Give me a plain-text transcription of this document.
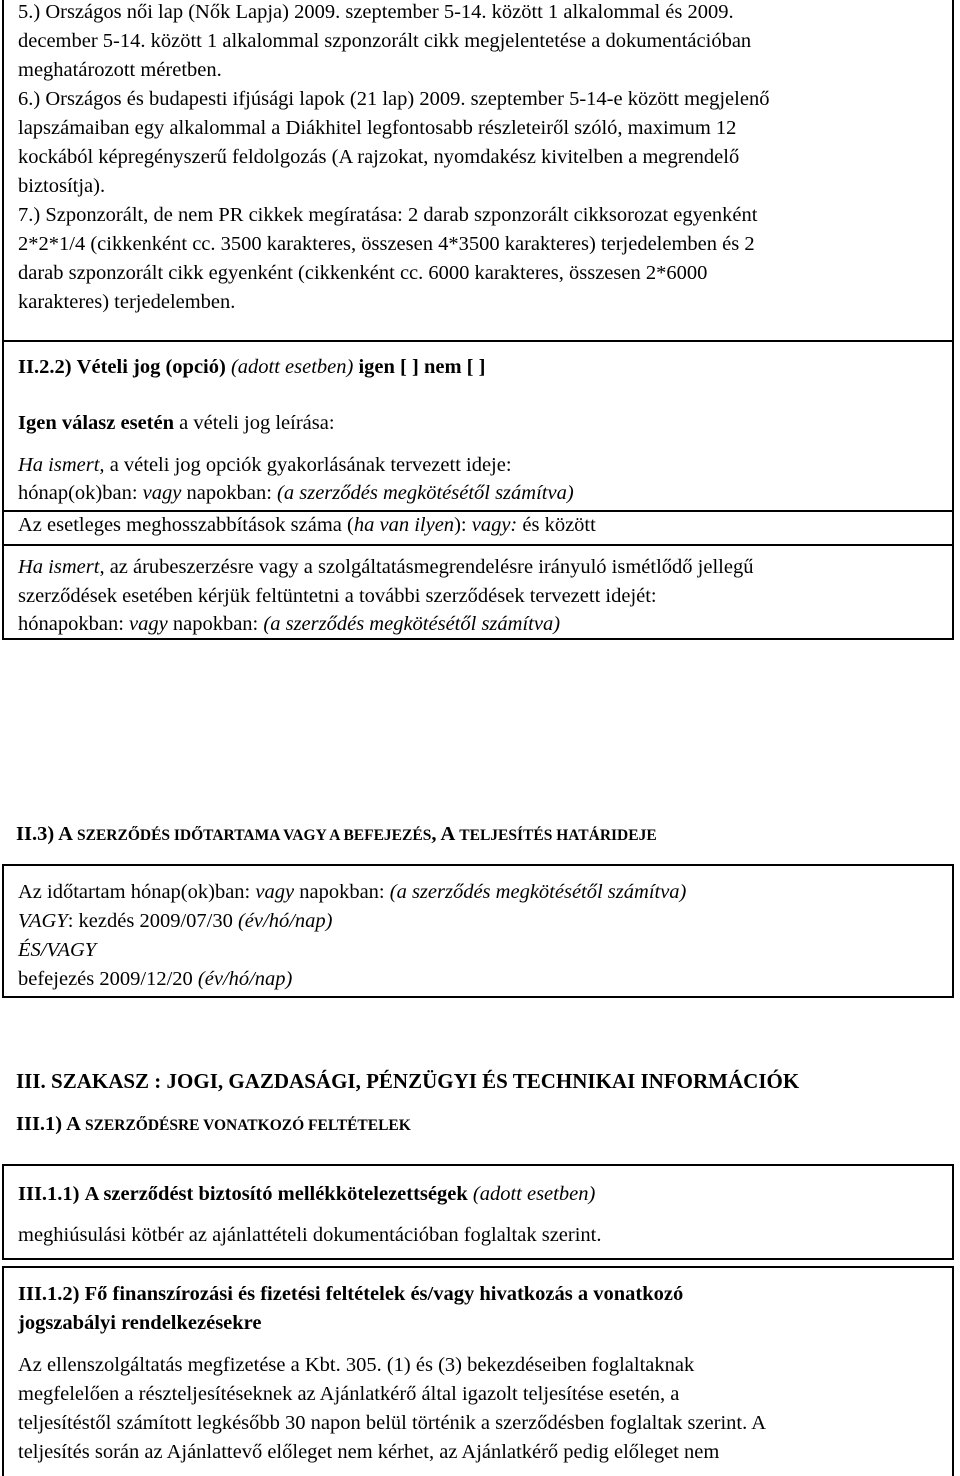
5.) Országos női lap (Nők Lapja) 2009. szeptember 5-14. között 1 alkalommal és 2009.

december 5-14. között 1 alkalommal szponzorált cikk megjelentetése a dokumentációban

meghatározott méretben.

6.) Országos és budapesti ifjúsági lapok (21 lap) 2009. szeptember 5-14-e között megjelenő

lapszámaiban egy alkalommal a Diákhitel legfontosabb részleteiről szóló, maximum 12

kockából képregényszerű feldolgozás (A rajzokat, nyomdakész kivitelben a megrendelő

biztosítja).

7.) Szponzorált, de nem PR cikkek megíratása: 2 darab szponzorált cikksorozat egyenként

2*2*1/4 (cikkenként cc. 3500 karakteres, összesen 4*3500 karakteres) terjedelemben és 2

darab szponzorált cikk egyenként (cikkenként cc. 6000 karakteres, összesen 2*6000

karakteres) terjedelemben.

II.2.2) Vételi jog (opció) (adott esetben) igen [ ] nem [ ]

Igen válasz esetén a vételi jog leírása:

Ha ismert, a vételi jog opciók gyakorlásának tervezett ideje:

hónap(ok)ban: vagy napokban: (a szerződés megkötésétől számítva)

Az esetleges meghosszabbítások száma (ha van ilyen): vagy: és között

Ha ismert, az árubeszerzésre vagy a szolgáltatásmegrendelésre irányuló ismétlődő jellegű

szerződések esetében kérjük feltüntetni a további szerződések tervezett idejét:

hónapokban: vagy napokban: (a szerződés megkötésétől számítva)

II.3) A SZERZŐDÉS IDŐTARTAMA VAGY A BEFEJEZÉS, A TELJESÍTÉS HATÁRIDEJE

Az időtartam hónap(ok)ban: vagy napokban: (a szerződés megkötésétől számítva)

VAGY: kezdés 2009/07/30 (év/hó/nap)

ÉS/VAGY

befejezés 2009/12/20 (év/hó/nap)

III. SZAKASZ : JOGI, GAZDASÁGI, PÉNZÜGYI ÉS TECHNIKAI INFORMÁCIÓK
III.1) A SZERZŐDÉSRE VONATKOZÓ FELTÉTELEK

III.1.1) A szerződést biztosító mellékkötelezettségek (adott esetben)

meghiúsulási kötbér az ajánlattételi dokumentációban foglaltak szerint.

III.1.2) Fő finanszírozási és fizetési feltételek és/vagy hivatkozás a vonatkozó

jogszabályi rendelkezésekre

Az ellenszolgáltatás megfizetése a Kbt. 305. (1) és (3) bekezdéseiben foglaltaknak

megfelelően a részteljesítéseknek az Ajánlatkérő által igazolt teljesítése esetén, a

teljesítéstől számított legkésőbb 30 napon belül történik a szerződésben foglaltak szerint. A

teljesítés során az Ajánlattevő előleget nem kérhet, az Ajánlatkérő pedig előleget nem
